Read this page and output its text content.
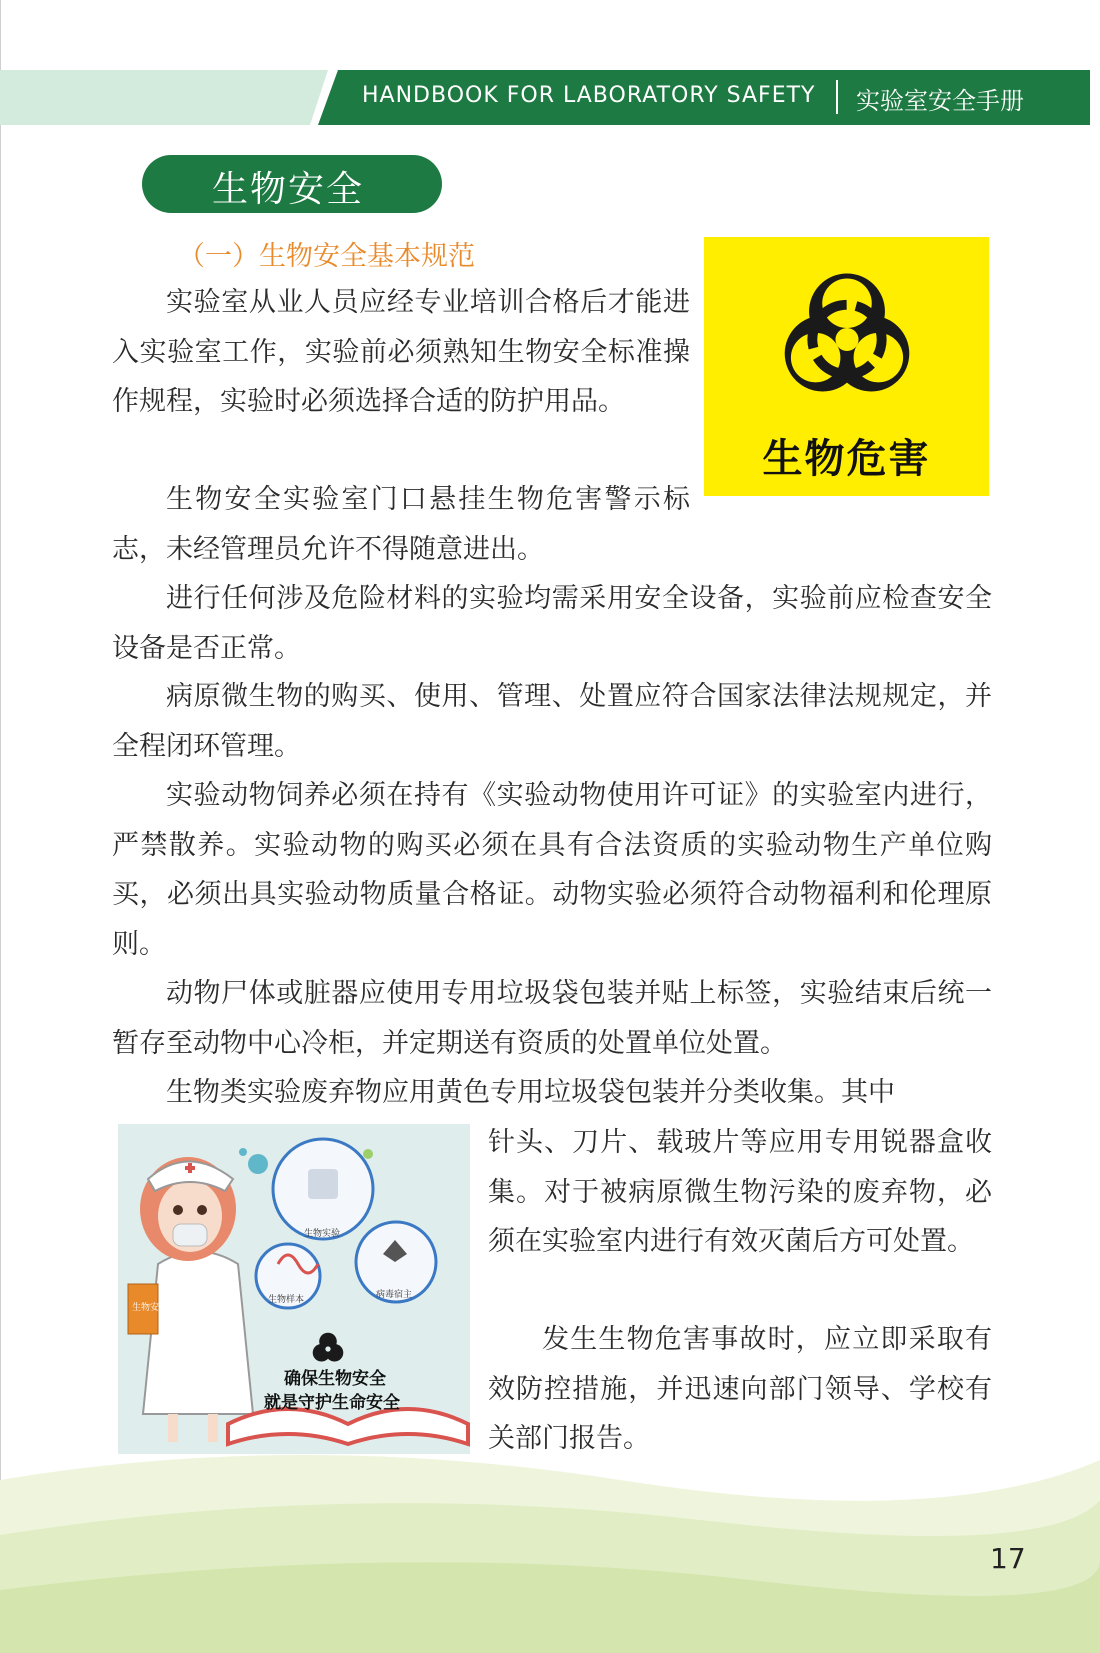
HANDBOOK FOR LABORATORY SAFETY 实验室安全手册
生物安全
（一）生物安全基本规范
生物危害
实验室从业人员应经专业培训合格后才能进入实验室工作，实验前必须熟知生物安全标准操作规程，实验时必须选择合适的防护用品。
生物安全实验室门口悬挂生物危害警示标志，未经管理员允许不得随意进出。
进行任何涉及危险材料的实验均需采用安全设备，实验前应检查安全设备是否正常。
病原微生物的购买、使用、管理、处置应符合国家法律法规规定，并全程闭环管理。
实验动物饲养必须在持有《实验动物使用许可证》的实验室内进行，严禁散养。实验动物的购买必须在具有合法资质的实验动物生产单位购买，必须出具实验动物质量合格证。动物实验必须符合动物福利和伦理原则。
动物尸体或脏器应使用专用垃圾袋包装并贴上标签，实验结束后统一暂存至动物中心冷柜，并定期送有资质的处置单位处置。
生物类实验废弃物应用黄色专用垃圾袋包装并分类收集。其中
针头、刀片、载玻片等应用专用锐器盒收集。对于被病原微生物污染的废弃物，必须在实验室内进行有效灭菌后方可处置。
发生生物危害事故时，应立即采取有效防控措施，并迅速向部门领导、学校有关部门报告。
生物安全
生物实验
生物样本	病毒宿主
确保生物安全
就是守护生命安全
17
